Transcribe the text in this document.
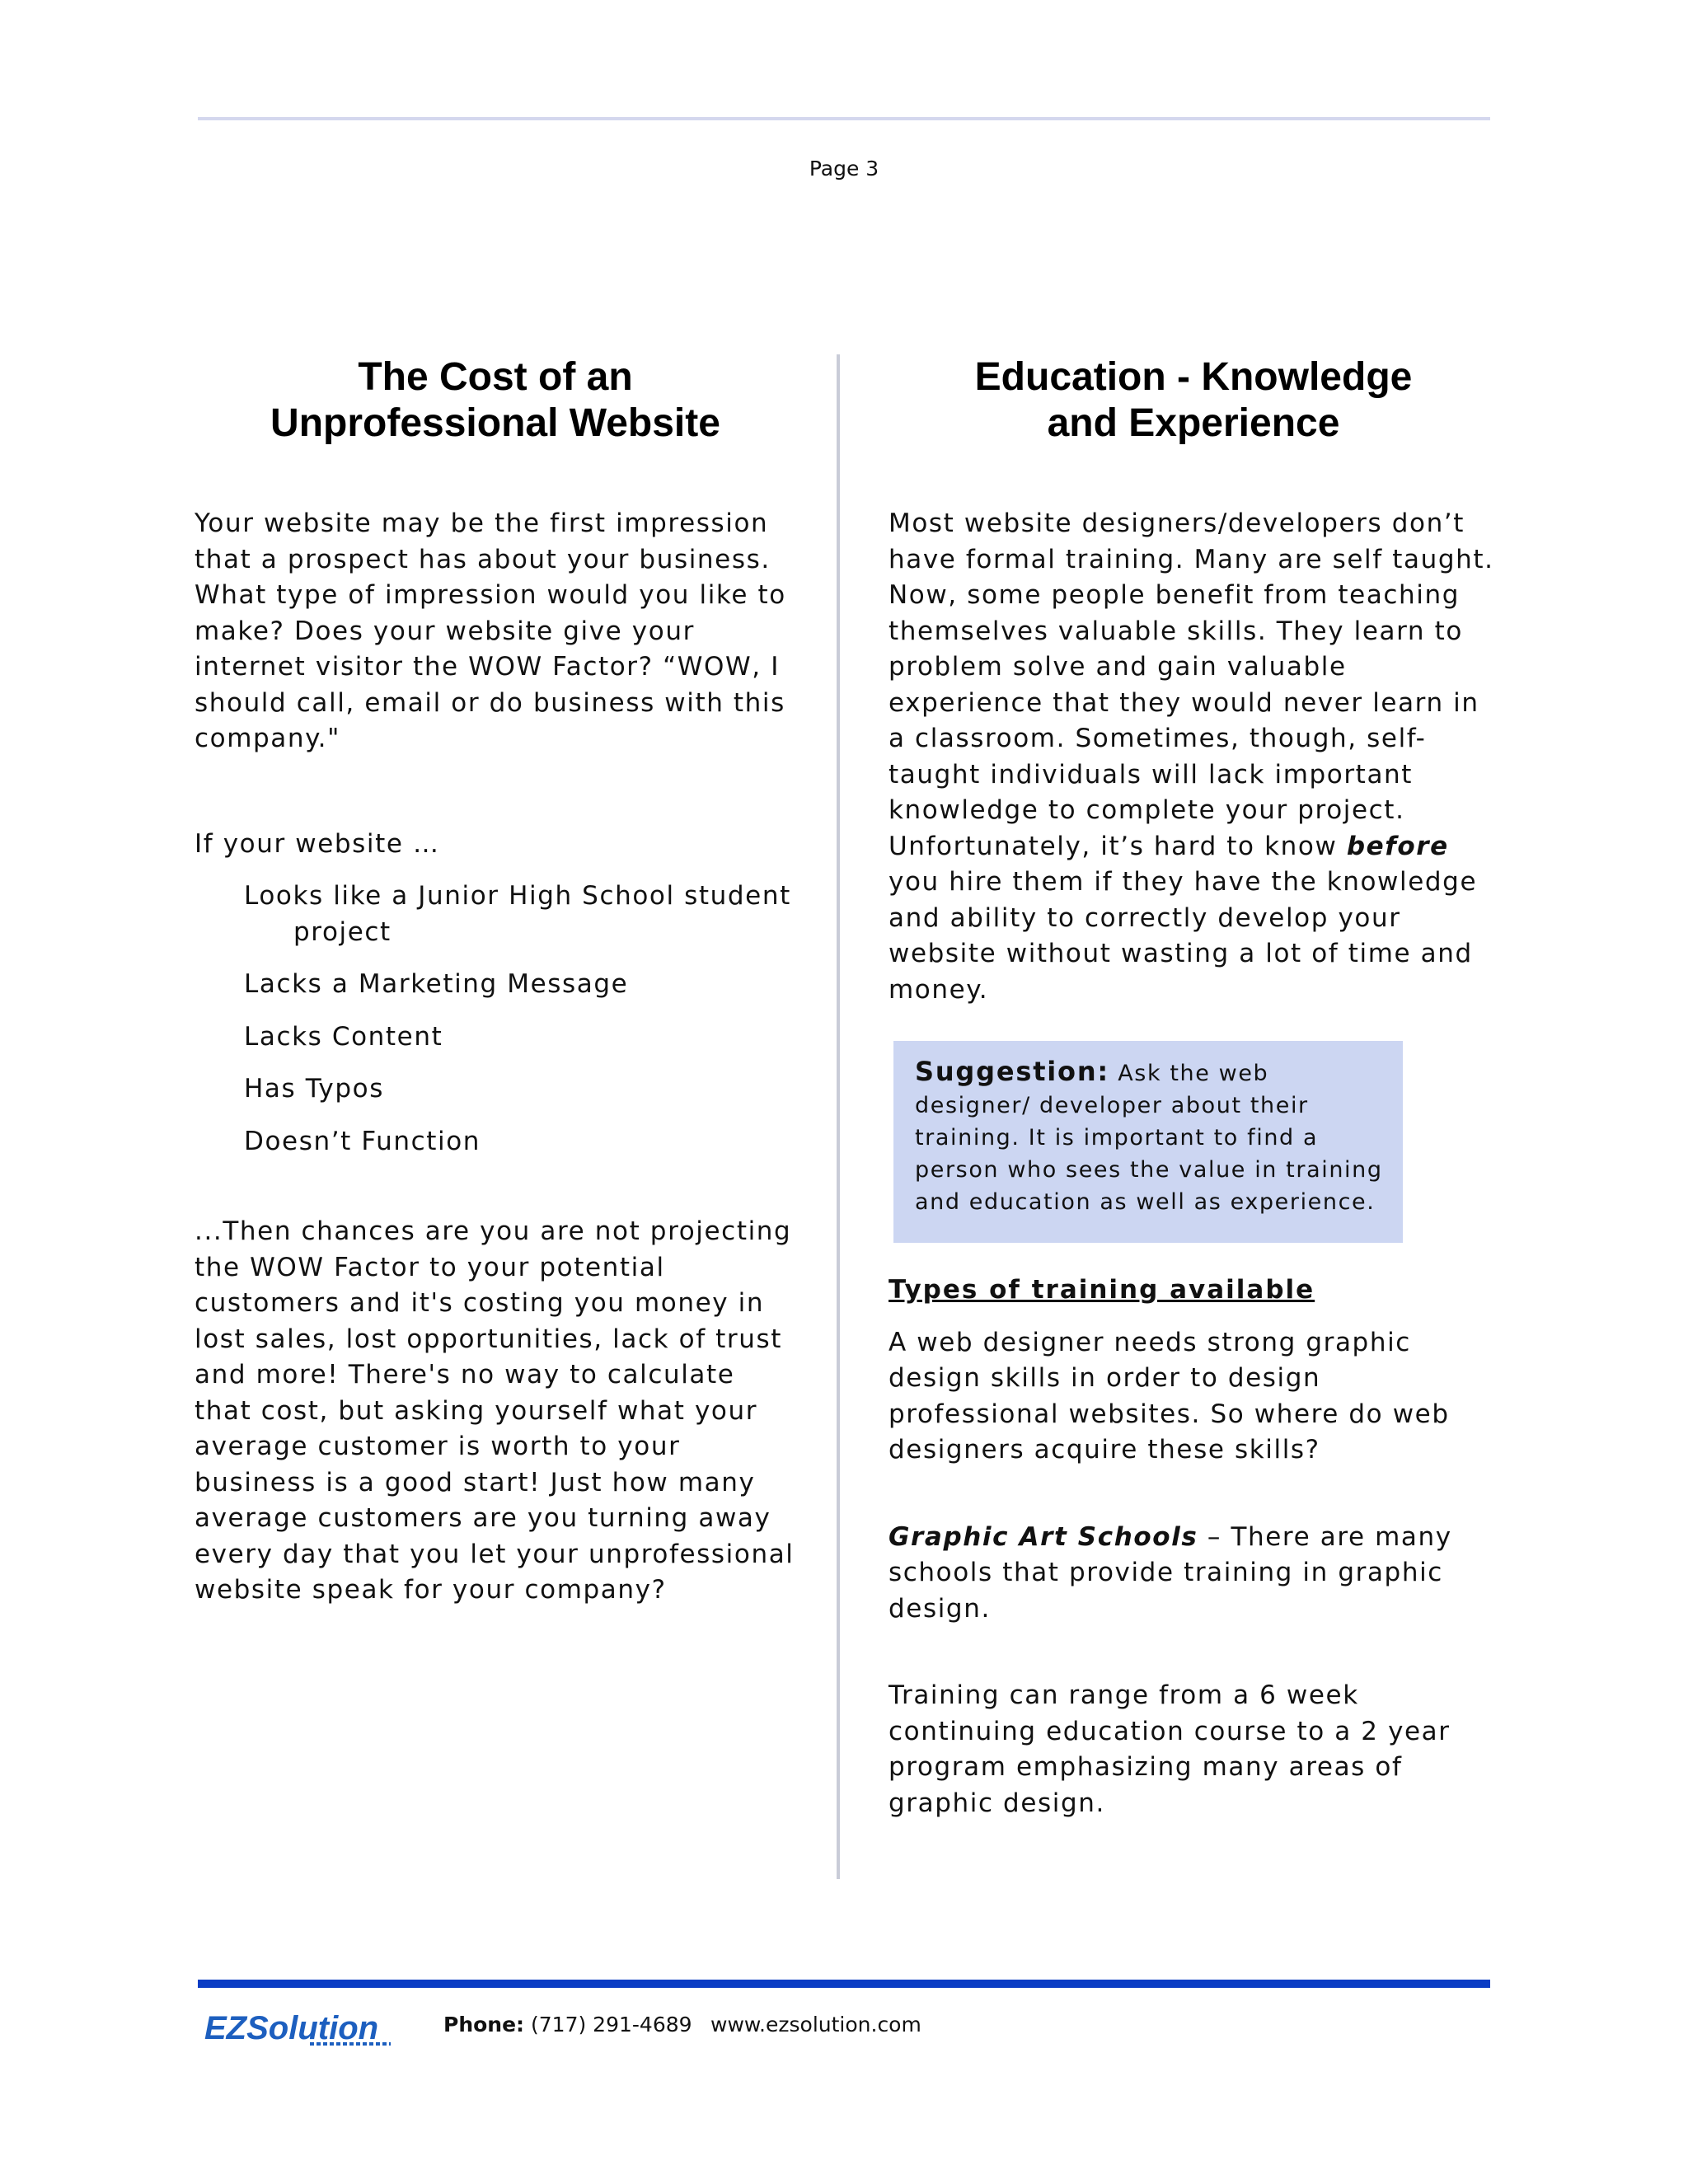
Page 3
The Cost of an
Unprofessional Website

Your website may be the first impression that a prospect has about your business. What type of impression would you like to make? Does your website give your internet visitor the WOW Factor? “WOW, I should call, email or do business with this company."

If your website …

Looks like a Junior High School student project
Lacks a Marketing Message
Lacks Content
Has Typos
Doesn’t Function

...Then chances are you are not projecting the WOW Factor to your potential customers and it's costing you money in lost sales, lost opportunities, lack of trust and more! There's no way to calculate that cost, but asking yourself what your average customer is worth to your business is a good start! Just how many average customers are you turning away every day that you let your unprofessional website speak for your company?

Education - Knowledge
and Experience

Most website designers/developers don’t have formal training. Many are self taught. Now, some people benefit from teaching themselves valuable skills. They learn to problem solve and gain valuable experience that they would never learn in a classroom. Sometimes, though, self-taught individuals will lack important knowledge to complete your project. Unfortunately, it’s hard to know before you hire them if they have the knowledge and ability to correctly develop your website without wasting a lot of time and money.

Suggestion: Ask the web designer/ developer about their training. It is important to find a person who sees the value in training and education as well as experience.

Types of training available

A web designer needs strong graphic design skills in order to design professional websites. So where do web designers acquire these skills?

Graphic Art Schools – There are many schools that provide training in graphic design.

Training can range from a 6 week continuing education course to a 2 year program emphasizing many areas of graphic design.

EZSolution	Phone: (717) 291-4689 www.ezsolution.com
